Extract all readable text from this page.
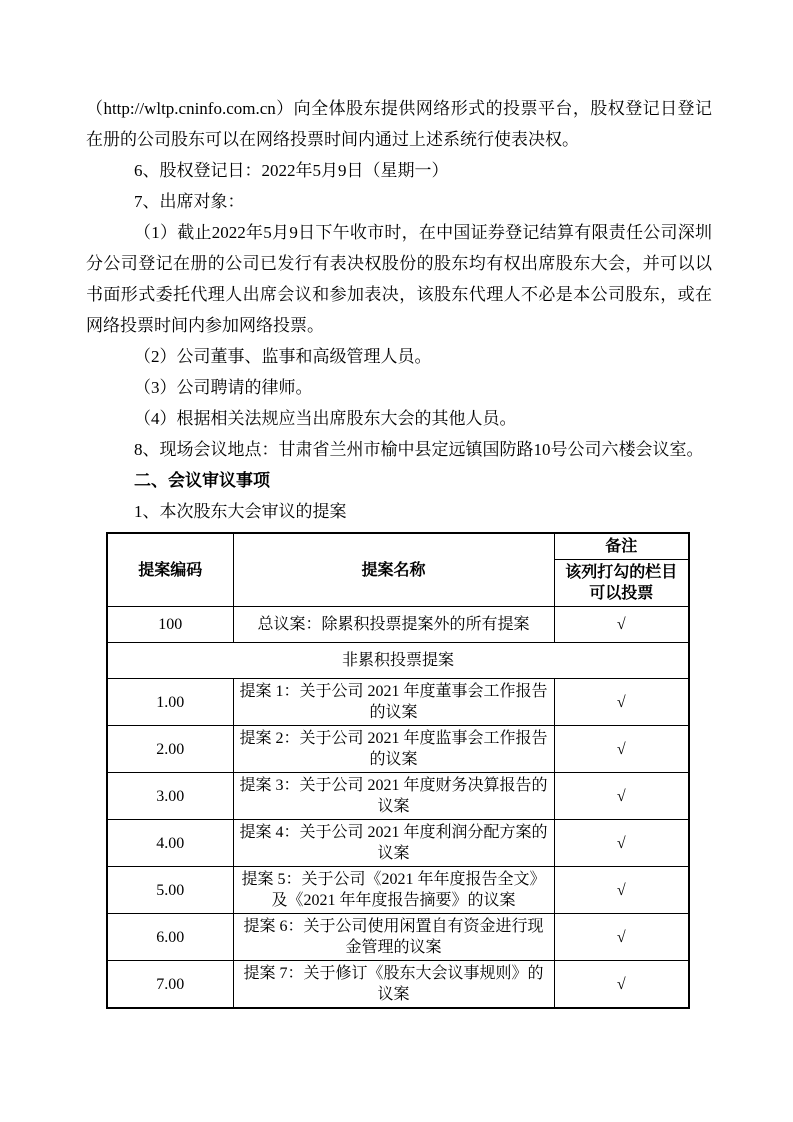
（http://wltp.cninfo.com.cn）向全体股东提供网络形式的投票平台，股权登记日登记在册的公司股东可以在网络投票时间内通过上述系统行使表决权。

6、股权登记日：2022年5月9日（星期一）

7、出席对象：

（1）截止2022年5月9日下午收市时，在中国证券登记结算有限责任公司深圳分公司登记在册的公司已发行有表决权股份的股东均有权出席股东大会，并可以以书面形式委托代理人出席会议和参加表决，该股东代理人不必是本公司股东，或在网络投票时间内参加网络投票。

（2）公司董事、监事和高级管理人员。

（3）公司聘请的律师。

（4）根据相关法规应当出席股东大会的其他人员。

8、现场会议地点：甘肃省兰州市榆中县定远镇国防路10号公司六楼会议室。

二、会议审议事项

1、本次股东大会审议的提案

提案编码	提案名称	备注
		该列打勾的栏目可以投票
100	总议案：除累积投票提案外的所有提案	√
非累积投票提案		
1.00	提案 1：关于公司 2021 年度董事会工作报告的议案	√
2.00	提案 2：关于公司 2021 年度监事会工作报告的议案	√
3.00	提案 3：关于公司 2021 年度财务决算报告的议案	√
4.00	提案 4：关于公司 2021 年度利润分配方案的议案	√
5.00	提案 5：关于公司《2021 年年度报告全文》及《2021 年年度报告摘要》的议案	√
6.00	提案 6：关于公司使用闲置自有资金进行现金管理的议案	√
7.00	提案 7：关于修订《股东大会议事规则》的议案	√
